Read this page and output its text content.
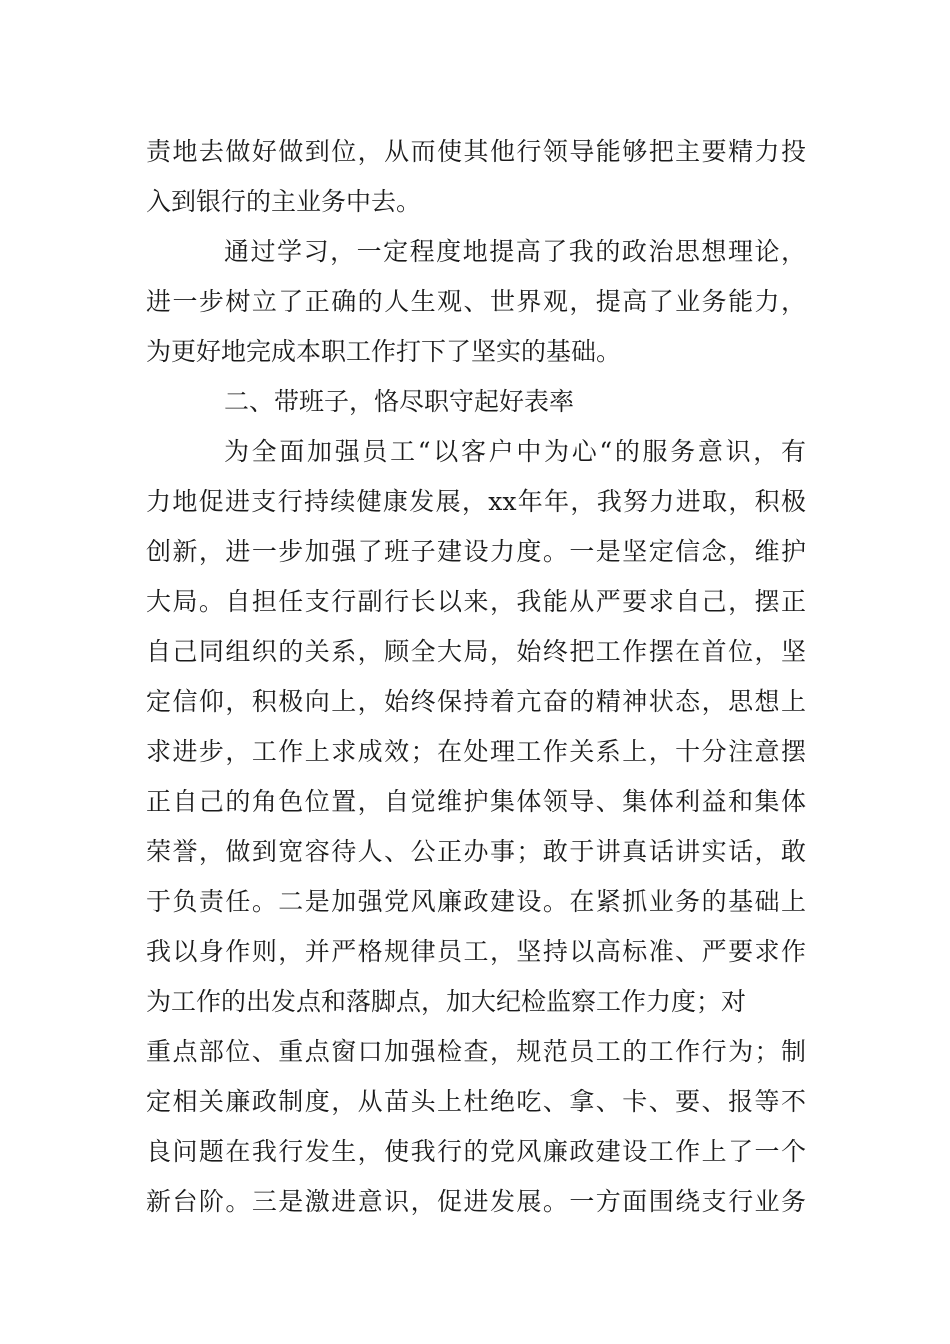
责地去做好做到位，从而使其他行领导能够把主要精力投
入到银行的主业务中去。
通过学习，一定程度地提高了我的政治思想理论，
进一步树立了正确的人生观、世界观，提高了业务能力，
为更好地完成本职工作打下了坚实的基础。
二、带班子，恪尽职守起好表率
为全面加强员工“以客户中为心“的服务意识，有
力地促进支行持续健康发展，xx年年，我努力进取，积极
创新，进一步加强了班子建设力度。一是坚定信念，维护
大局。自担任支行副行长以来，我能从严要求自己，摆正
自己同组织的关系，顾全大局，始终把工作摆在首位，坚
定信仰，积极向上，始终保持着亢奋的精神状态，思想上
求进步，工作上求成效；在处理工作关系上，十分注意摆
正自己的角色位置，自觉维护集体领导、集体利益和集体
荣誉，做到宽容待人、公正办事；敢于讲真话讲实话，敢
于负责任。二是加强党风廉政建设。在紧抓业务的基础上
我以身作则，并严格规律员工，坚持以高标准、严要求作
为工作的出发点和落脚点，加大纪检监察工作力度；对
重点部位、重点窗口加强检查，规范员工的工作行为；制
定相关廉政制度，从苗头上杜绝吃、拿、卡、要、报等不
良问题在我行发生，使我行的党风廉政建设工作上了一个
新台阶。三是激进意识，促进发展。一方面围绕支行业务
